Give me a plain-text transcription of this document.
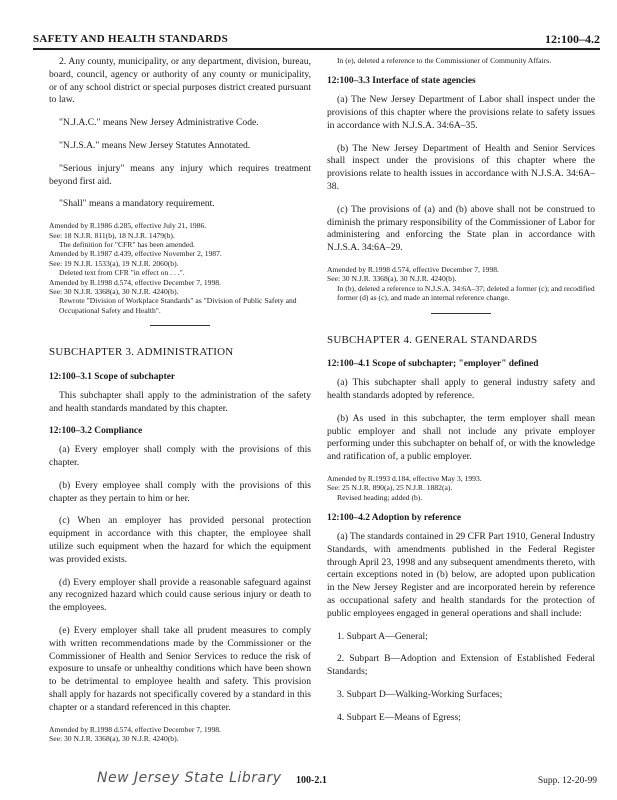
SAFETY AND HEALTH STANDARDS	12:100–4.2

2. Any county, municipality, or any department, division, bureau, board, council, agency or authority of any county or municipality, or of any school district or special purposes district created pursuant to law.

"N.J.A.C." means New Jersey Administrative Code.

"N.J.S.A." means New Jersey Statutes Annotated.

"Serious injury" means any injury which requires treatment beyond first aid.

"Shall" means a mandatory requirement.

Amended by R.1986 d.285, effective July 21, 1986.

See: 18 N.J.R. 811(b), 18 N.J.R. 1479(b).

The definition for "CFR" has been amended.

Amended by R.1987 d.439, effective November 2, 1987.

See: 19 N.J.R. 1533(a), 19 N.J.R. 2060(b).

Deleted text from CFR "in effect on . . .".

Amended by R.1998 d.574, effective December 7, 1998.

See: 30 N.J.R. 3368(a), 30 N.J.R. 4240(b).

Rewrote "Division of Workplace Standards" as "Division of Public Safety and Occupational Safety and Health".

SUBCHAPTER 3. ADMINISTRATION
12:100–3.1 Scope of subchapter

This subchapter shall apply to the administration of the safety and health standards mandated by this chapter.

12:100–3.2 Compliance

(a) Every employer shall comply with the provisions of this chapter.

(b) Every employee shall comply with the provisions of this chapter as they pertain to him or her.

(c) When an employer has provided personal protection equipment in accordance with this chapter, the employee shall utilize such equipment when the hazard for which the equipment was provided exists.

(d) Every employer shall provide a reasonable safeguard against any recognized hazard which could cause serious injury or death to the employees.

(e) Every employer shall take all prudent measures to comply with written recommendations made by the Commissioner or the Commissioner of Health and Senior Services to reduce the risk of exposure to unsafe or unhealthy conditions which have been shown to be detrimental to employee health and safety. This provision shall apply for hazards not specifically covered by a standard in this chapter or a standard referenced in this chapter.

Amended by R.1998 d.574, effective December 7, 1998.

See: 30 N.J.R. 3368(a), 30 N.J.R. 4240(b).

In (e), deleted a reference to the Commissioner of Community Affairs.

12:100–3.3 Interface of state agencies

(a) The New Jersey Department of Labor shall inspect under the provisions of this chapter where the provisions relate to safety issues in accordance with N.J.S.A. 34:6A–35.

(b) The New Jersey Department of Health and Senior Services shall inspect under the provisions of this chapter where the provisions relate to health issues in accordance with N.J.S.A. 34:6A–38.

(c) The provisions of (a) and (b) above shall not be construed to diminish the primary responsibility of the Commissioner of Labor for administering and enforcing the State plan in accordance with N.J.S.A. 34:6A–29.

Amended by R.1998 d.574, effective December 7, 1998.

See: 30 N.J.R. 3368(a), 30 N.J.R. 4240(b).

In (b), deleted a reference to N.J.S.A. 34:6A–37; deleted a former (c); and recodified former (d) as (c), and made an internal reference change.

SUBCHAPTER 4. GENERAL STANDARDS
12:100–4.1 Scope of subchapter; "employer" defined

(a) This subchapter shall apply to general industry safety and health standards adopted by reference.

(b) As used in this subchapter, the term employer shall mean public employer and shall not include any private employer performing under this subchapter on behalf of, or with the knowledge and ratification of, a public employer.

Amended by R.1993 d.184, effective May 3, 1993.

See: 25 N.J.R. 890(a), 25 N.J.R. 1882(a).

Revised heading; added (b).

12:100–4.2 Adoption by reference

(a) The standards contained in 29 CFR Part 1910, General Industry Standards, with amendments published in the Federal Register through April 23, 1998 and any subsequent amendments thereto, with certain exceptions noted in (b) below, are adopted upon publication in the New Jersey Register and are incorporated herein by reference as occupational safety and health standards for the protection of public employees engaged in general operations and shall include:

1. Subpart A—General;

2. Subpart B—Adoption and Extension of Established Federal Standards;

3. Subpart D—Walking-Working Surfaces;

4. Subpart E—Means of Egress;

New Jersey State Library 100-2.1	Supp. 12-20-99
